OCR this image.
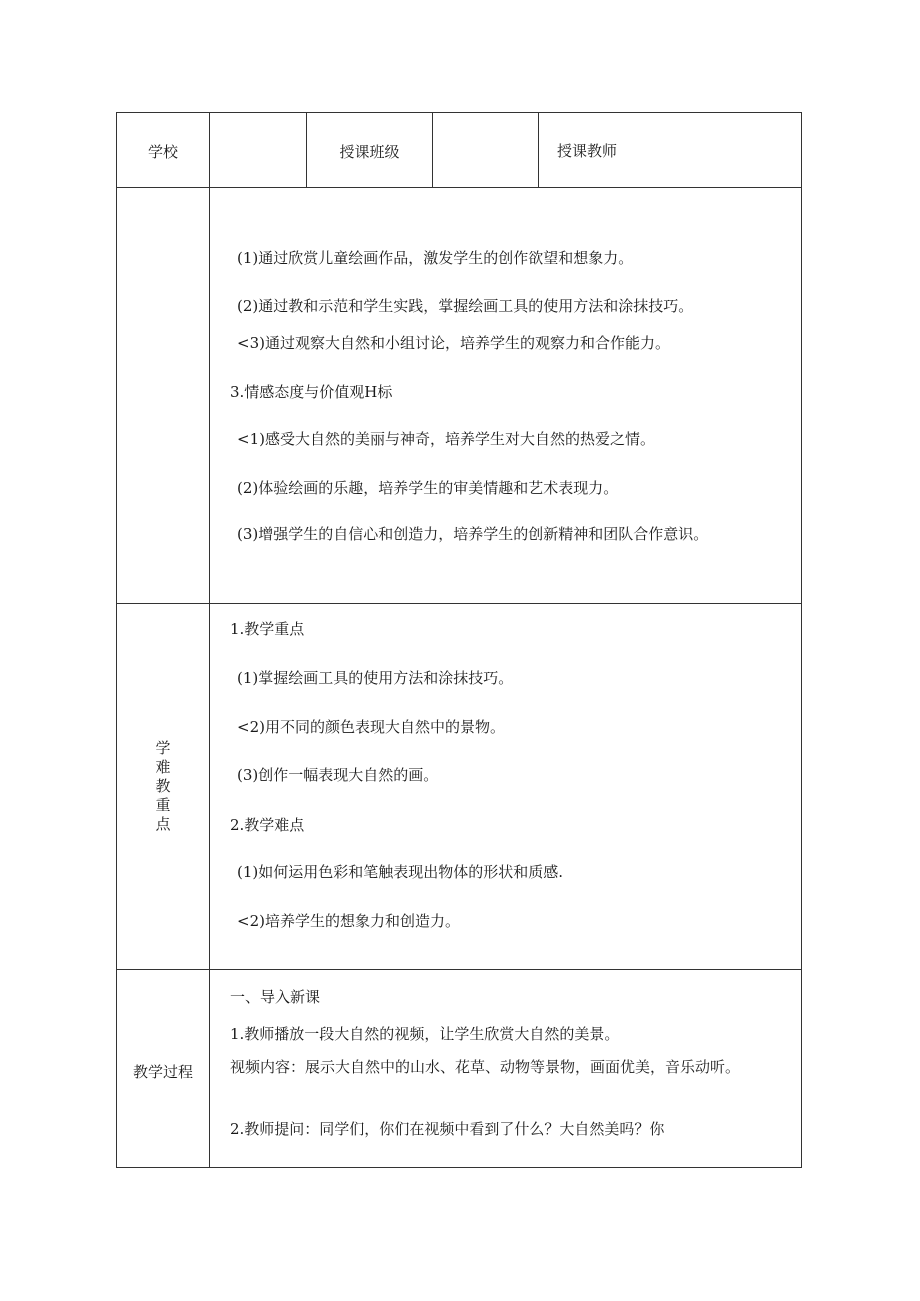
学校	授课班级	授课教师
(1)通过欣赏儿童绘画作品，激发学生的创作欲望和想象力。
(2)通过教和示范和学生实践，掌握绘画工具的使用方法和涂抹技巧。
<3)通过观察大自然和小组讨论，培养学生的观察力和合作能力。
3.情感态度与价值观H标
<1)感受大自然的美丽与神奇，培养学生对大自然的热爱之情。
(2)体验绘画的乐趣，培养学生的审美情趣和艺术表现力。
(3)增强学生的自信心和创造力，培养学生的创新精神和团队合作意识。
学
难
教
重
点
1.教学重点
(1)掌握绘画工具的使用方法和涂抹技巧。
<2)用不同的颜色表现大自然中的景物。
(3)创作一幅表现大自然的画。
2.教学难点
(1)如何运用色彩和笔触表现出物体的形状和质感.
<2)培养学生的想象力和创造力。
教学过程
一、导入新课
1.教师播放一段大自然的视频，让学生欣赏大自然的美景。
视频内容：展示大自然中的山水、花草、动物等景物，画面优美，音乐动听。
2.教师提问：同学们，你们在视频中看到了什么？大自然美吗？你
